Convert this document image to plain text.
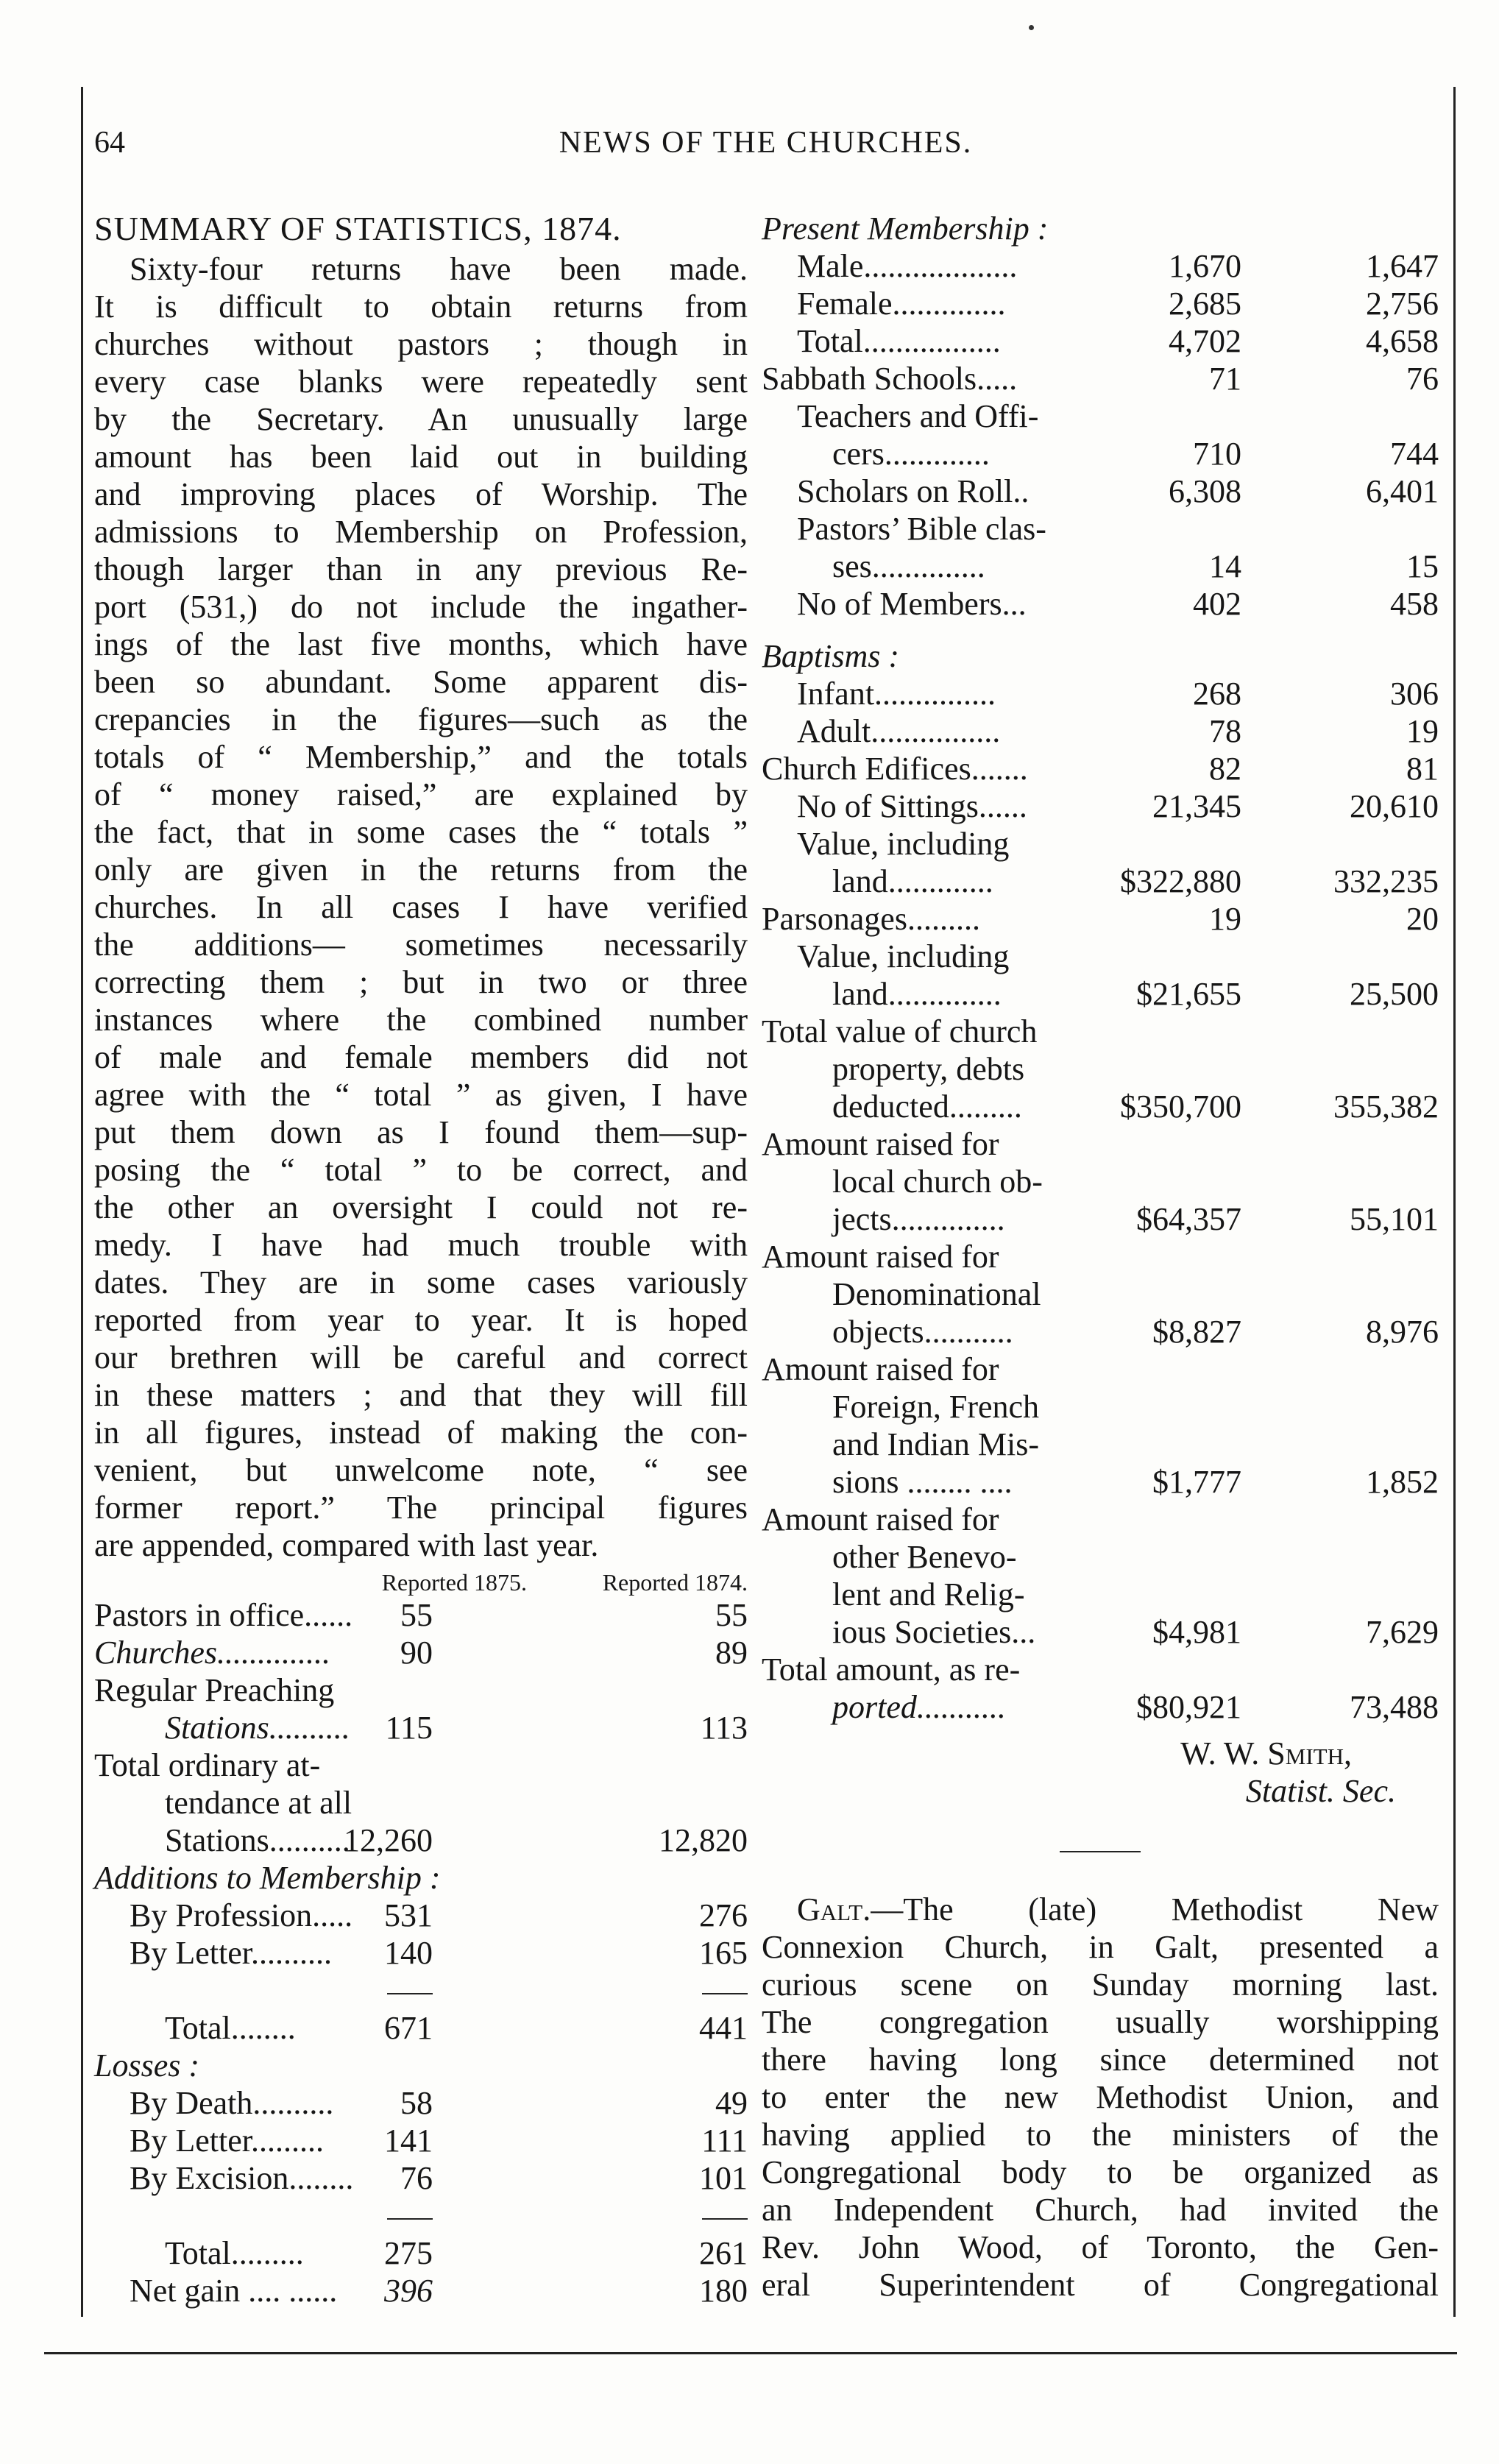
64	NEWS OF THE CHURCHES.
SUMMARY OF STATISTICS, 1874.
Sixty-four returns have been made.
It is difficult to obtain returns from
churches without pastors ; though in
every case blanks were repeatedly sent
by the Secretary. An unusually large
amount has been laid out in building
and improving places of Worship. The
admissions to Membership on Profession,
though larger than in any previous Re-
port (531,) do not include the ingather-
ings of the last five months, which have
been so abundant. Some apparent dis-
crepancies in the figures—such as the
totals of “ Membership,” and the totals
of “ money raised,” are explained by
the fact, that in some cases the “ totals ”
only are given in the returns from the
churches. In all cases I have verified
the additions— sometimes necessarily
correcting them ; but in two or three
instances where the combined number
of male and female members did not
agree with the “ total ” as given, I have
put them down as I found them—sup-
posing the “ total ” to be correct, and
the other an oversight I could not re-
medy. I have had much trouble with
dates. They are in some cases variously
reported from year to year. It is hoped
our brethren will be careful and correct
in these matters ; and that they will fill
in all figures, instead of making the con-
venient, but unwelcome note, “ see
former report.” The principal figures
are appended, compared with last year.
Reported 1875.	Reported 1874.
Pastors in office...... 55	55
Churches.............. 90	89
Regular Preaching
Stations.......... 115	113
Total ordinary at-
tendance at all
Stations..........
12,260	12,820
Additions to Membership :
By Profession..... 531	276
By Letter.......... 140	165
Total........	671	441
Losses :
By Death.......... 58	49
By Letter......... 141	111
By Excision........ 76	101
Total......... 275	261
Net gain .... ...... 396	180
Present Membership :
Male...................	1,670	1,647
Female..............	2,685	2,756
Total.................	4,702	4,658
Sabbath Schools.....	71	76
Teachers and Offi-
cers.............	710	744
Scholars on Roll..	6,308	6,401
Pastors’ Bible clas-
ses..............	14	15
No of Members...	402	458
Baptisms :
Infant...............	268	306
Adult................	78	19
Church Edifices.......	82	81
No of Sittings......	21,345	20,610
Value, including
land.............	$322,880	332,235
Parsonages.........	19	20
Value, including
land..............	$21,655	25,500
Total value of church
property, debts
deducted.........	$350,700	355,382
Amount raised for
local church ob-
jects..............	$64,357	55,101
Amount raised for
Denominational
objects...........	$8,827	8,976
Amount raised for
Foreign, French
and Indian Mis-
sions ........ ....	$1,777	1,852
Amount raised for
other Benevo-
lent and Relig-
ious Societies...	$4,981	7,629
Total amount, as re-
ported...........	$80,921	73,488
W. W. Smith,
Statist. Sec.
Galt.—The (late) Methodist New
Connexion Church, in Galt, presented a
curious scene on Sunday morning last.
The congregation usually worshipping
there having long since determined not
to enter the new Methodist Union, and
having applied to the ministers of the
Congregational body to be organized as
an Independent Church, had invited the
Rev. John Wood, of Toronto, the Gen-
eral Superintendent of Congregational
